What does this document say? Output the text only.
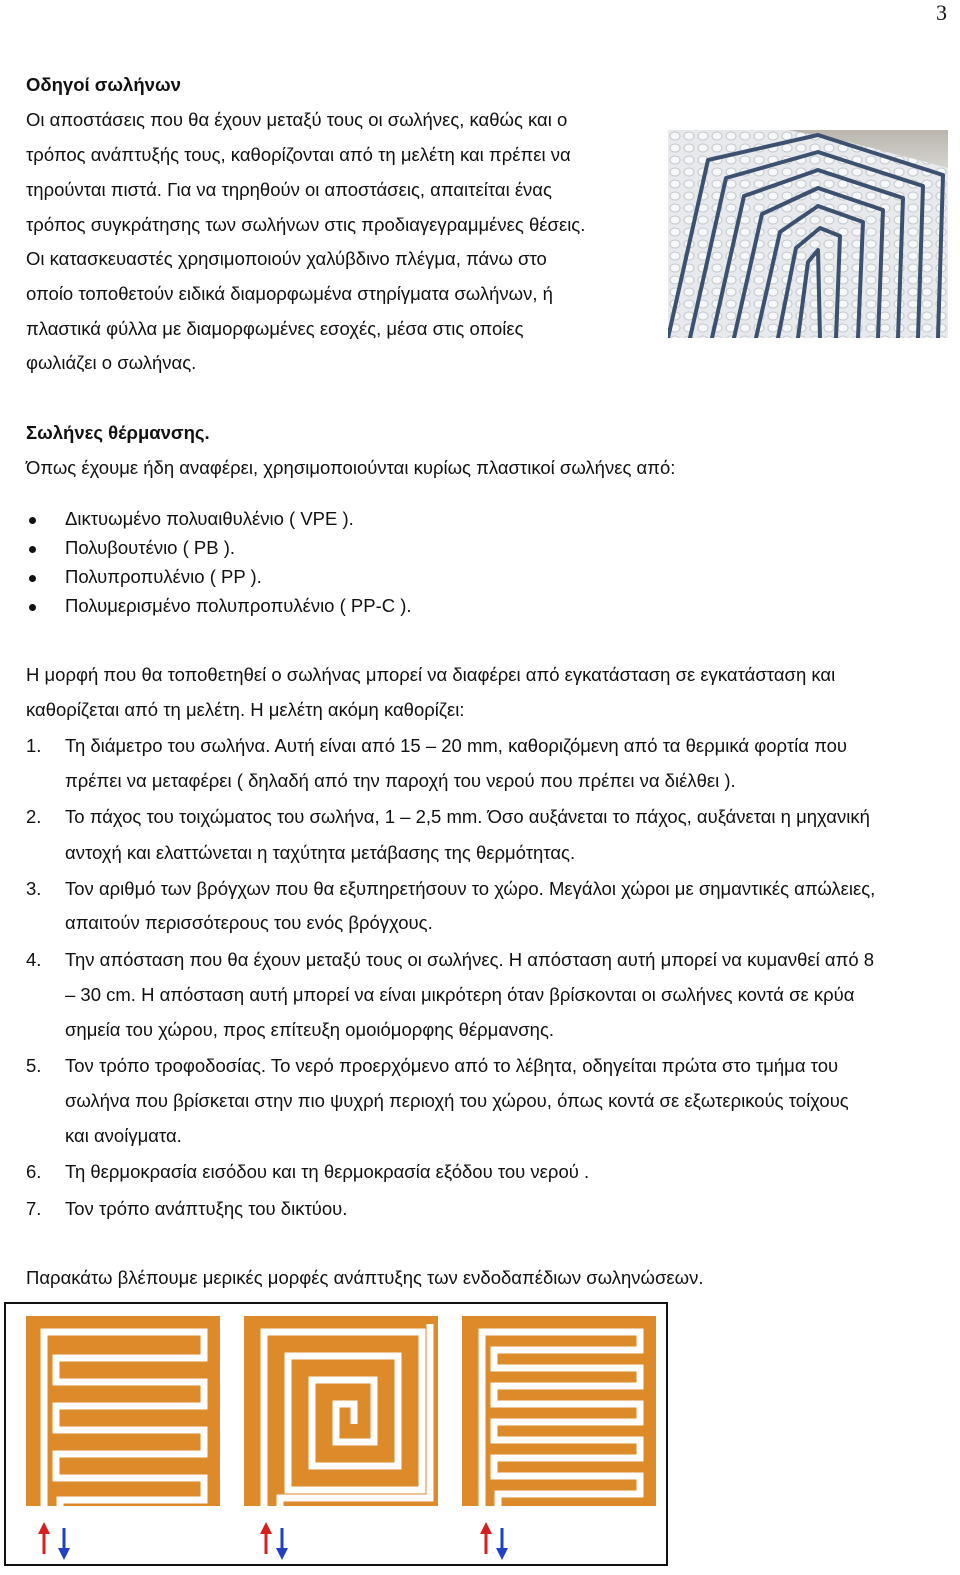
3
Οδηγοί σωλήνων
Οι αποστάσεις που θα έχουν μεταξύ τους οι σωλήνες, καθώς και ο
τρόπος ανάπτυξής τους, καθορίζονται από τη μελέτη και πρέπει να
τηρούνται πιστά. Για να τηρηθούν οι αποστάσεις, απαιτείται ένας
τρόπος συγκράτησης των σωλήνων στις προδιαγεγραμμένες θέσεις.
Οι κατασκευαστές χρησιμοποιούν χαλύβδινο πλέγμα, πάνω στο
οποίο τοποθετούν ειδικά διαμορφωμένα στηρίγματα σωλήνων, ή
πλαστικά φύλλα με διαμορφωμένες εσοχές, μέσα στις οποίες
φωλιάζει ο σωλήνας.
Σωλήνες θέρμανσης.
Όπως έχουμε ήδη αναφέρει, χρησιμοποιούνται κυρίως πλαστικοί σωλήνες από:
Δικτυωμένο πολυαιθυλένιο ( VPE ).
Πολυβουτένιο ( PB ).
Πολυπροπυλένιο ( PP ).
Πολυμερισμένο πολυπροπυλένιο ( PP-C ).
Η μορφή που θα τοποθετηθεί ο σωλήνας μπορεί να διαφέρει από εγκατάσταση σε εγκατάσταση και
καθορίζεται από τη μελέτη. Η μελέτη ακόμη καθορίζει:
1. Τη διάμετρο του σωλήνα. Αυτή είναι από 15 – 20 mm, καθοριζόμενη από τα θερμικά φορτία που
πρέπει να μεταφέρει ( δηλαδή από την παροχή του νερού που πρέπει να διέλθει ).
2. Το πάχος του τοιχώματος του σωλήνα, 1 – 2,5 mm. Όσο αυξάνεται το πάχος, αυξάνεται η μηχανική
αντοχή και ελαττώνεται η ταχύτητα μετάβασης της θερμότητας.
3. Τον αριθμό των βρόγχων που θα εξυπηρετήσουν το χώρο. Μεγάλοι χώροι με σημαντικές απώλειες,
απαιτούν περισσότερους του ενός βρόγχους.
4. Την απόσταση που θα έχουν μεταξύ τους οι σωλήνες. Η απόσταση αυτή μπορεί να κυμανθεί από 8
– 30 cm. Η απόσταση αυτή μπορεί να είναι μικρότερη όταν βρίσκονται οι σωλήνες κοντά σε κρύα
σημεία του χώρου, προς επίτευξη ομοιόμορφης θέρμανσης.
5. Τον τρόπο τροφοδοσίας. Το νερό προερχόμενο από το λέβητα, οδηγείται πρώτα στο τμήμα του
σωλήνα που βρίσκεται στην πιο ψυχρή περιοχή του χώρου, όπως κοντά σε εξωτερικούς τοίχους
και ανοίγματα.
6. Τη θερμοκρασία εισόδου και τη θερμοκρασία εξόδου του νερού .
7. Τον τρόπο ανάπτυξης του δικτύου.
Παρακάτω βλέπουμε μερικές μορφές ανάπτυξης των ενδοδαπέδιων σωληνώσεων.
